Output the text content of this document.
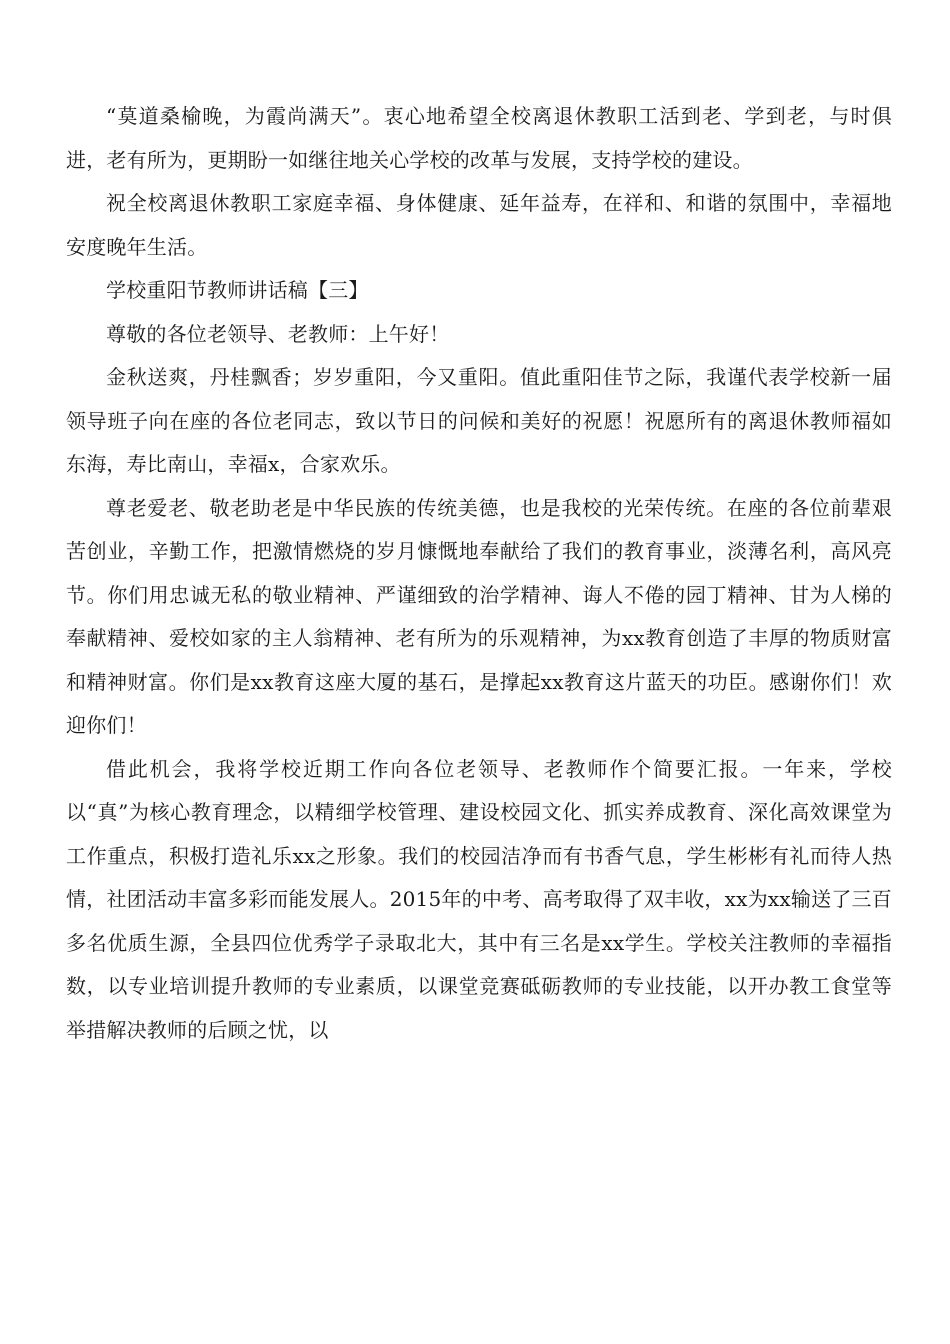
“莫道桑榆晚，为霞尚满天”。衷心地希望全校离退休教职工活到老、学到老，与时俱进，老有所为，更期盼一如继往地关心学校的改革与发展，支持学校的建设。

祝全校离退休教职工家庭幸福、身体健康、延年益寿，在祥和、和谐的氛围中，幸福地安度晚年生活。

学校重阳节教师讲话稿【三】

尊敬的各位老领导、老教师：上午好！

金秋送爽，丹桂飘香；岁岁重阳，今又重阳。值此重阳佳节之际，我谨代表学校新一届领导班子向在座的各位老同志，致以节日的问候和美好的祝愿！祝愿所有的离退休教师福如东海，寿比南山，幸福x，合家欢乐。

尊老爱老、敬老助老是中华民族的传统美德，也是我校的光荣传统。在座的各位前辈艰苦创业，辛勤工作，把激情燃烧的岁月慷慨地奉献给了我们的教育事业，淡薄名利，高风亮节。你们用忠诚无私的敬业精神、严谨细致的治学精神、诲人不倦的园丁精神、甘为人梯的奉献精神、爱校如家的主人翁精神、老有所为的乐观精神，为xx教育创造了丰厚的物质财富和精神财富。你们是xx教育这座大厦的基石，是撑起xx教育这片蓝天的功臣。感谢你们！欢迎你们！

借此机会，我将学校近期工作向各位老领导、老教师作个简要汇报。一年来，学校以“真”为核心教育理念，以精细学校管理、建设校园文化、抓实养成教育、深化高效课堂为工作重点，积极打造礼乐xx之形象。我们的校园洁净而有书香气息，学生彬彬有礼而待人热情，社团活动丰富多彩而能发展人。2015年的中考、高考取得了双丰收，xx为xx输送了三百多名优质生源，全县四位优秀学子录取北大，其中有三名是xx学生。学校关注教师的幸福指数，以专业培训提升教师的专业素质，以课堂竞赛砥砺教师的专业技能，以开办教工食堂等举措解决教师的后顾之忧，以
